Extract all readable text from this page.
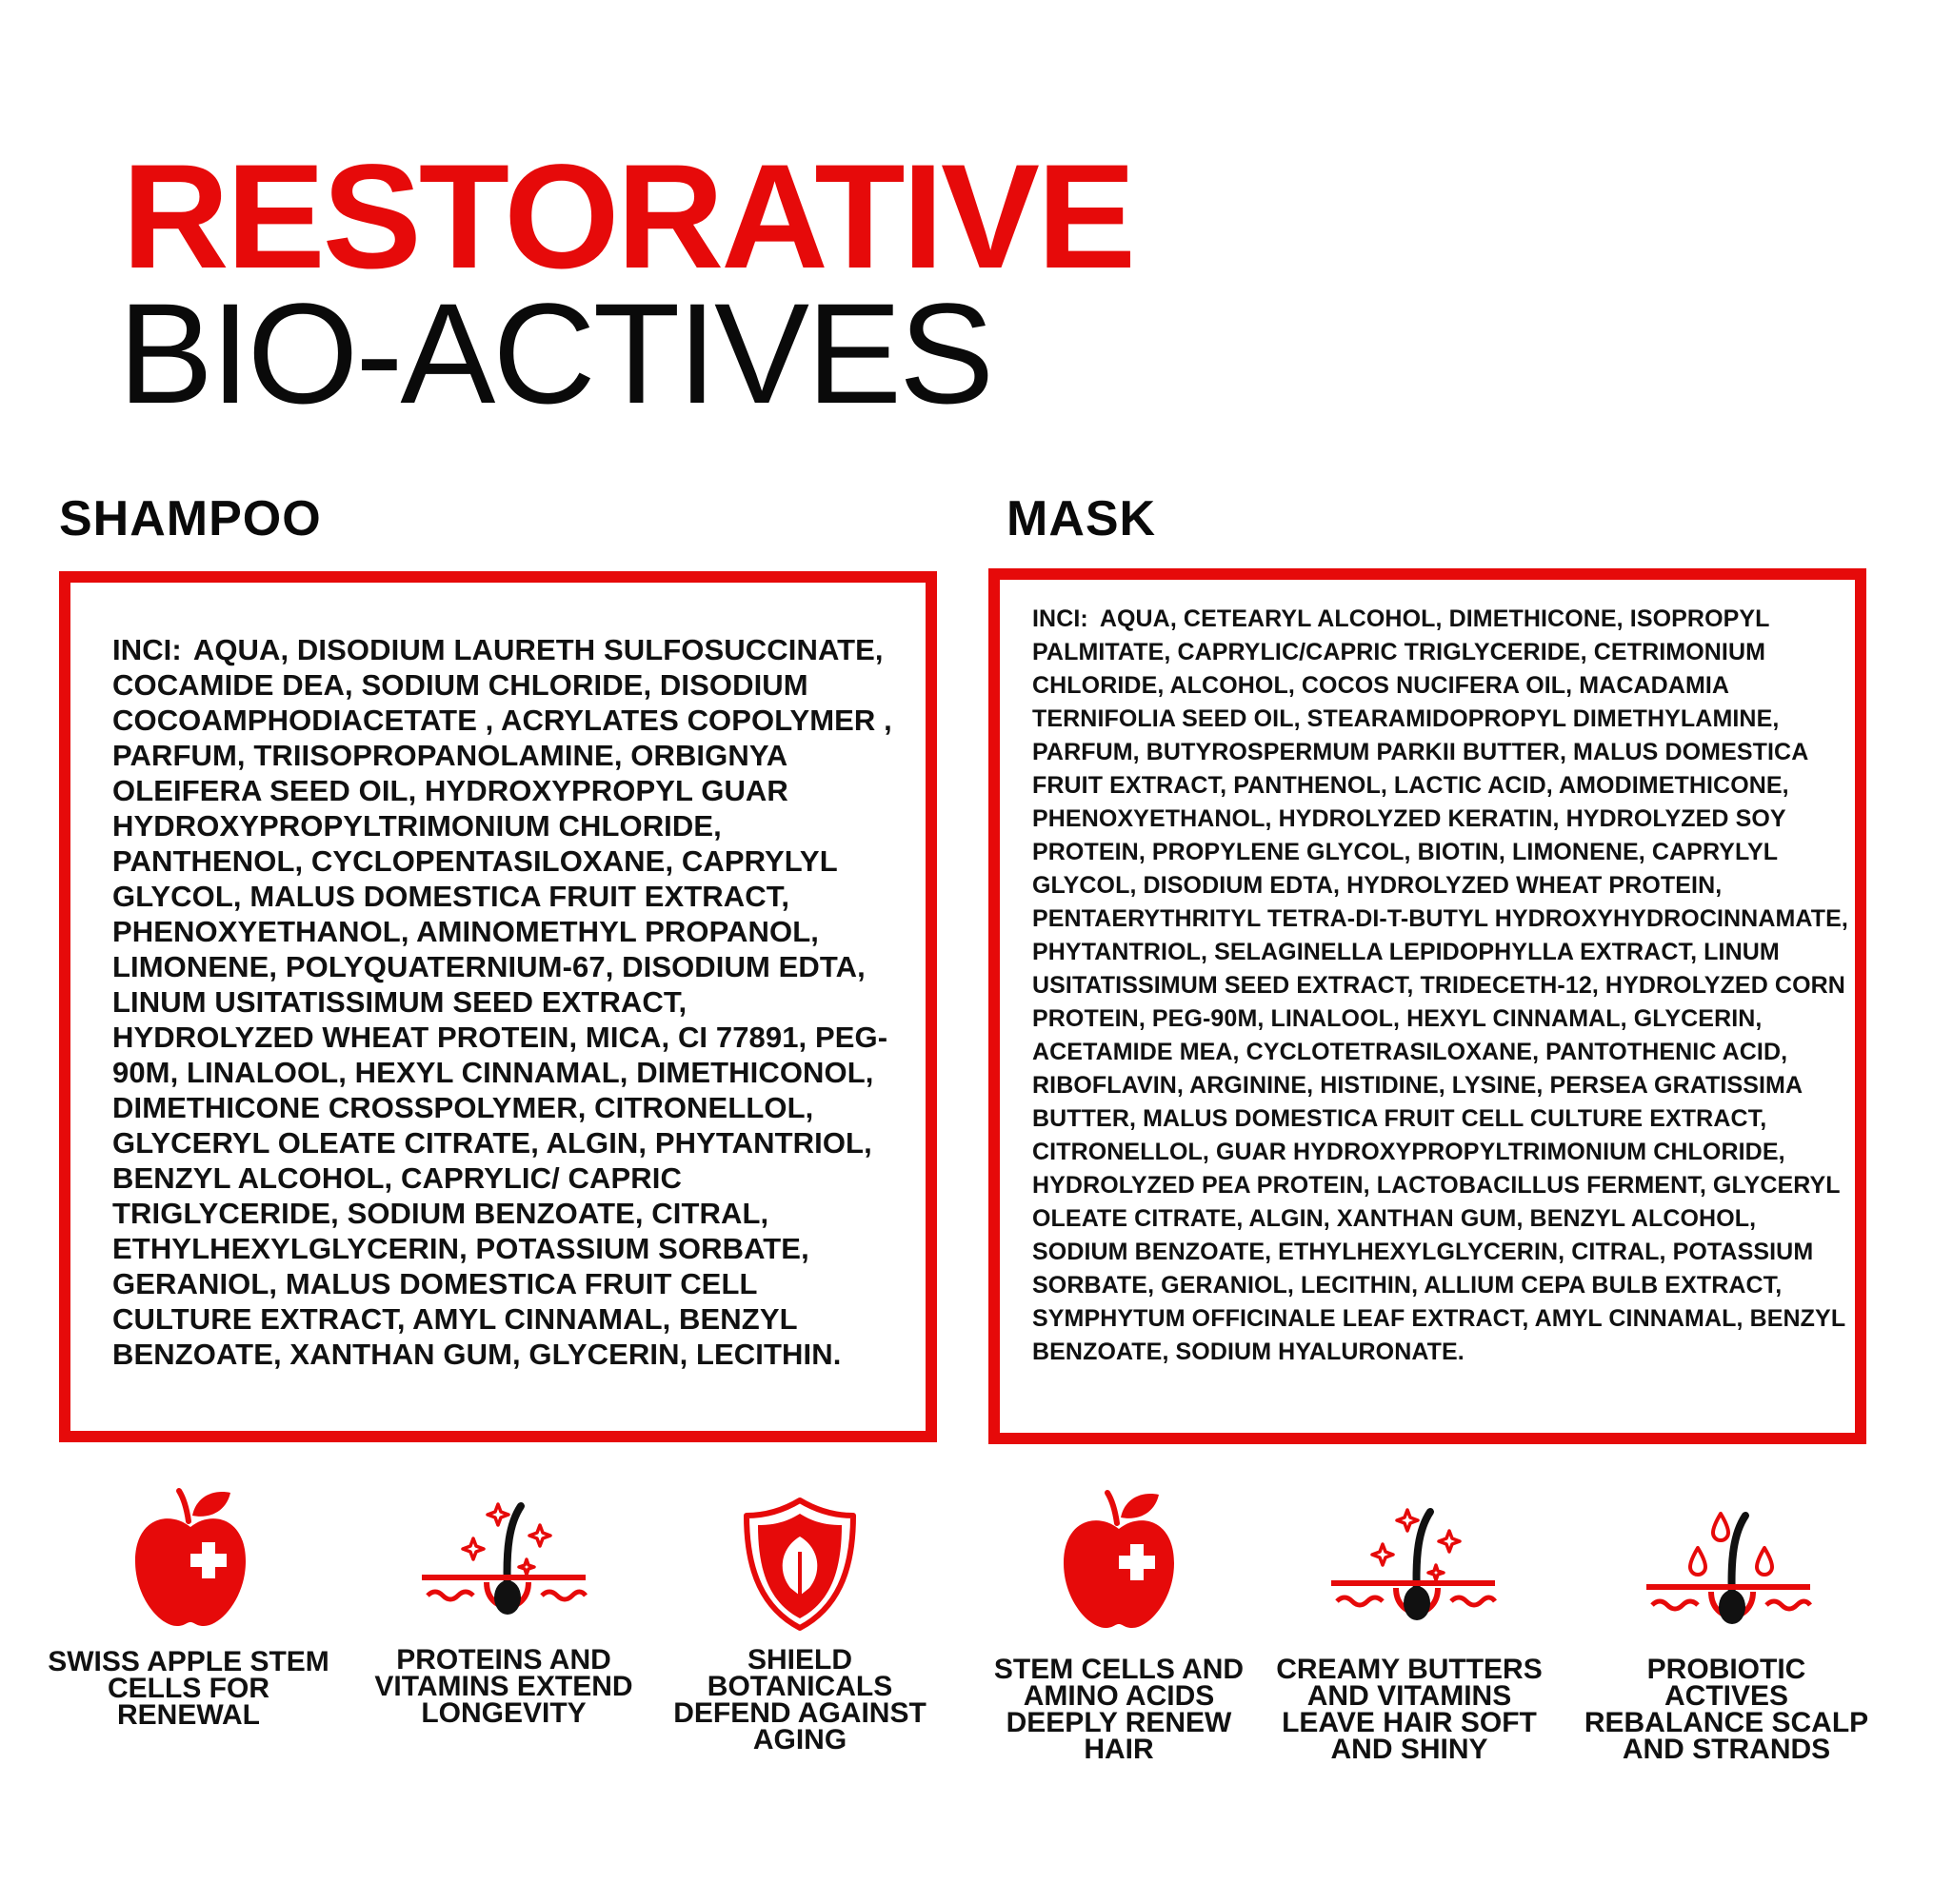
RESTORATIVE
BIO-ACTIVES
SHAMPOO	MASK

INCI: AQUA, DISODIUM LAURETH SULFOSUCCINATE, COCAMIDE DEA, SODIUM CHLORIDE, DISODIUM COCOAMPHODIACETATE , ACRYLATES COPOLYMER , PARFUM, TRIISOPROPANOLAMINE, ORBIGNYA OLEIFERA SEED OIL, HYDROXYPROPYL GUAR HYDROXYPROPYLTRIMONIUM CHLORIDE, PANTHENOL, CYCLOPENTASILOXANE, CAPRYLYL GLYCOL, MALUS DOMESTICA FRUIT EXTRACT, PHENOXYETHANOL, AMINOMETHYL PROPANOL, LIMONENE, POLYQUATERNIUM-67, DISODIUM EDTA, LINUM USITATISSIMUM SEED EXTRACT, HYDROLYZED WHEAT PROTEIN, MICA, CI 77891, PEG-90M, LINALOOL, HEXYL CINNAMAL, DIMETHICONOL, DIMETHICONE CROSSPOLYMER, CITRONELLOL, GLYCERYL OLEATE CITRATE, ALGIN, PHYTANTRIOL, BENZYL ALCOHOL, CAPRYLIC/ CAPRIC TRIGLYCERIDE, SODIUM BENZOATE, CITRAL, ETHYLHEXYLGLYCERIN, POTASSIUM SORBATE, GERANIOL, MALUS DOMESTICA FRUIT CELL CULTURE EXTRACT, AMYL CINNAMAL, BENZYL BENZOATE, XANTHAN GUM, GLYCERIN, LECITHIN.

INCI: AQUA, CETEARYL ALCOHOL, DIMETHICONE, ISOPROPYL PALMITATE, CAPRYLIC/CAPRIC TRIGLYCERIDE, CETRIMONIUM CHLORIDE, ALCOHOL, COCOS NUCIFERA OIL, MACADAMIA TERNIFOLIA SEED OIL, STEARAMIDOPROPYL DIMETHYLAMINE, PARFUM, BUTYROSPERMUM PARKII BUTTER, MALUS DOMESTICA FRUIT EXTRACT, PANTHENOL, LACTIC ACID, AMODIMETHICONE, PHENOXYETHANOL, HYDROLYZED KERATIN, HYDROLYZED SOY PROTEIN, PROPYLENE GLYCOL, BIOTIN, LIMONENE, CAPRYLYL GLYCOL, DISODIUM EDTA, HYDROLYZED WHEAT PROTEIN, PENTAERYTHRITYL TETRA-DI-T-BUTYL HYDROXYHYDROCINNAMATE, PHYTANTRIOL, SELAGINELLA LEPIDOPHYLLA EXTRACT, LINUM USITATISSIMUM SEED EXTRACT, TRIDECETH-12, HYDROLYZED CORN PROTEIN, PEG-90M, LINALOOL, HEXYL CINNAMAL, GLYCERIN, ACETAMIDE MEA, CYCLOTETRASILOXANE, PANTOTHENIC ACID, RIBOFLAVIN, ARGININE, HISTIDINE, LYSINE, PERSEA GRATISSIMA BUTTER, MALUS DOMESTICA FRUIT CELL CULTURE EXTRACT, CITRONELLOL, GUAR HYDROXYPROPYLTRIMONIUM CHLORIDE, HYDROLYZED PEA PROTEIN, LACTOBACILLUS FERMENT, GLYCERYL OLEATE CITRATE, ALGIN, XANTHAN GUM, BENZYL ALCOHOL, SODIUM BENZOATE, ETHYLHEXYLGLYCERIN, CITRAL, POTASSIUM SORBATE, GERANIOL, LECITHIN, ALLIUM CEPA BULB EXTRACT, SYMPHYTUM OFFICINALE LEAF EXTRACT, AMYL CINNAMAL, BENZYL BENZOATE, SODIUM HYALURONATE.

SWISS APPLE STEM CELLS FOR RENEWAL

PROTEINS AND VITAMINS EXTEND LONGEVITY

SHIELD BOTANICALS DEFEND AGAINST AGING

STEM CELLS AND AMINO ACIDS DEEPLY RENEW HAIR

CREAMY BUTTERS AND VITAMINS LEAVE HAIR SOFT AND SHINY

PROBIOTIC ACTIVES REBALANCE SCALP AND STRANDS
